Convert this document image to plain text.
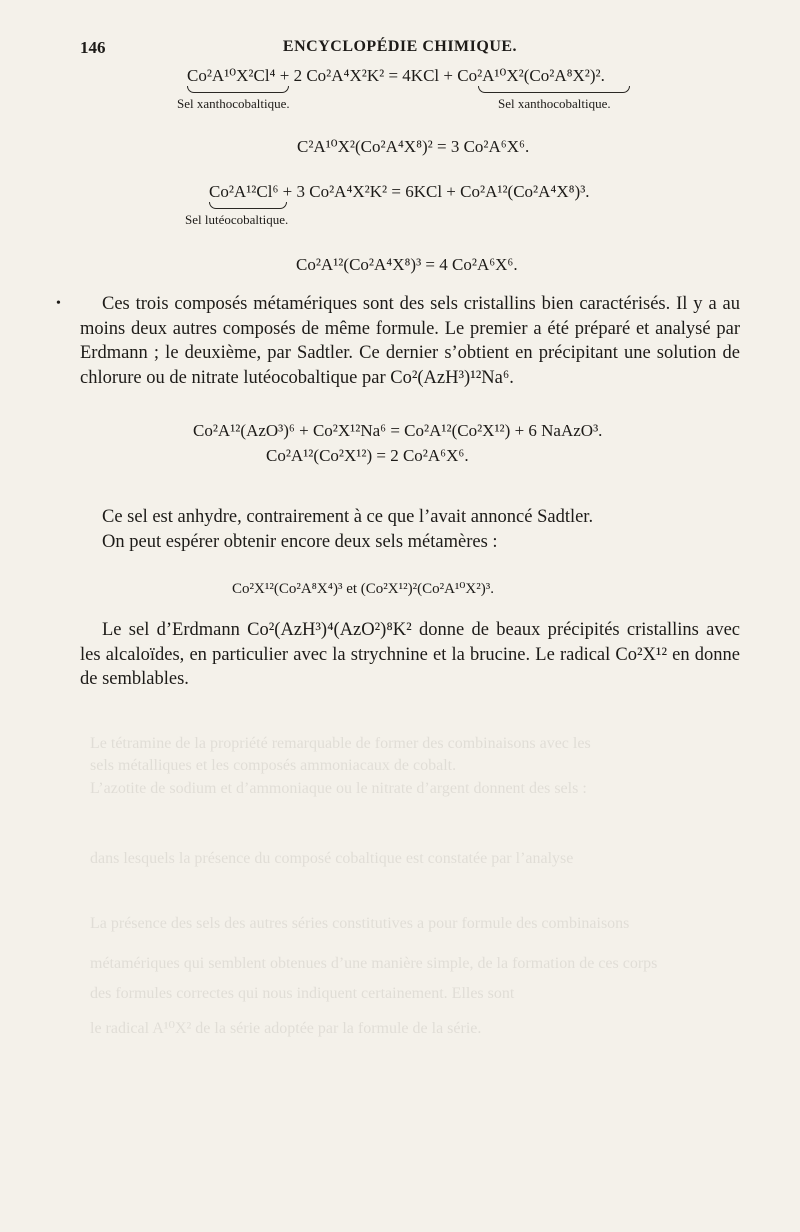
146	ENCYCLOPÉDIE CHIMIQUE.
Co²A¹⁰X²Cl⁴ + 2 Co²A⁴X²K² = 4KCl + Co²A¹⁰X²(Co²A⁸X²)².
Sel xanthocobaltique.	Sel xanthocobaltique.
C²A¹⁰X²(Co²A⁴X⁸)² = 3 Co²A⁶X⁶.
Co²A¹²Cl⁶ + 3 Co²A⁴X²K² = 6KCl + Co²A¹²(Co²A⁴X⁸)³.
Sel lutéocobaltique.
Co²A¹²(Co²A⁴X⁸)³ = 4 Co²A⁶X⁶.
•	Ces trois composés métamériques sont des sels cristallins bien caractérisés. Il y a au moins deux autres composés de même formule. Le premier a été préparé et analysé par Erdmann ; le deuxième, par Sadtler. Ce dernier s’obtient en précipitant une solution de chlorure ou de nitrate lutéocobaltique par Co²(AzH³)¹²Na⁶.

Co²A¹²(AzO³)⁶ + Co²X¹²Na⁶ = Co²A¹²(Co²X¹²) + 6 NaAzO³.
Co²A¹²(Co²X¹²) = 2 Co²A⁶X⁶.

Ce sel est anhydre, contrairement à ce que l’avait annoncé Sadtler.

On peut espérer obtenir encore deux sels métamères :

Co²X¹²(Co²A⁸X⁴)³ et (Co²X¹²)²(Co²A¹⁰X²)³.

Le sel d’Erdmann Co²(AzH³)⁴(AzO²)⁸K² donne de beaux précipités cristallins avec les alcaloïdes, en particulier avec la strychnine et la brucine. Le radical Co²X¹² en donne de semblables.

Le tétramine de la propriété remarquable de former des combinaisons avec les
sels métalliques et les composés ammoniacaux de cobalt.
L’azotite de sodium et d’ammoniaque ou le nitrate d’argent donnent des sels :
dans lesquels la présence du composé cobaltique est constatée par l’analyse
La présence des sels des autres séries constitutives a pour formule des combinaisons
métamériques qui semblent obtenues d’une manière simple, de la formation de ces corps
des formules correctes qui nous indiquent certainement. Elles sont
le radical A¹⁰X² de la série adoptée par la formule de la série.
